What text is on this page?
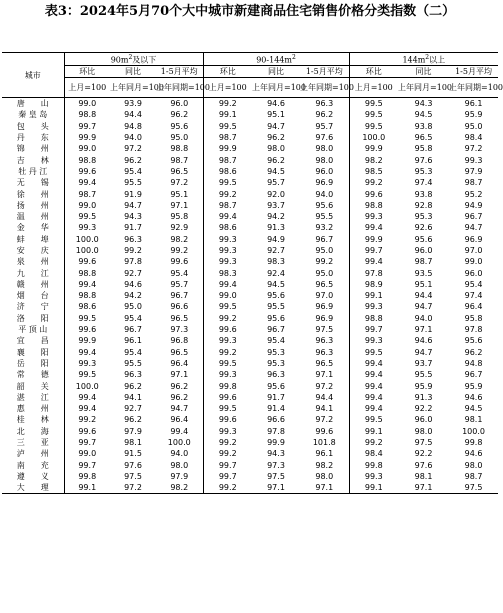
表3：2024年5月70个大中城市新建商品住宅销售价格分类指数（二）
城市	$90m^2$及以下			$90-144m^2$			$144m^2$以上		
	环比	同比	1-5月平均	环比	同比	1-5月平均	环比	同比	1-5月平均
	上月=100	上年同月=100	上年同期=100	上月=100	上年同月=100	上年同期=100	上月=100	上年同月=100	上年同期=100
唐　　山	99.0	93.9	96.0	99.2	94.6	96.3	99.5	94.3	96.1
秦 皇 岛	98.8	94.4	96.2	99.1	95.1	96.2	99.5	94.5	95.9
包　　头	99.7	94.8	95.6	99.5	94.7	95.7	99.5	93.8	95.0
丹　　东	99.9	94.0	95.0	98.7	96.2	97.6	100.0	96.5	98.4
锦　　州	99.0	97.2	98.8	99.9	98.0	98.0	99.9	95.8	97.2
吉　　林	98.8	96.2	98.7	98.7	96.2	98.0	98.2	97.6	99.3
牡 丹 江	99.6	95.4	96.5	98.6	94.5	96.0	98.5	95.3	97.9
无　　锡	99.4	95.5	97.2	99.5	95.7	96.9	99.2	97.4	98.7
徐　　州	98.7	91.9	95.1	99.2	92.0	94.0	99.6	93.8	95.2
扬　　州	99.0	94.7	97.1	98.7	93.7	95.6	98.8	92.8	94.9
温　　州	99.5	94.3	95.8	99.4	94.2	95.5	99.3	95.3	96.7
金　　华	99.3	91.7	92.9	98.6	91.3	93.2	99.4	92.6	94.7
蚌　　埠	100.0	96.3	98.2	99.3	94.9	96.7	99.9	95.6	96.9
安　　庆	100.0	99.2	99.2	99.3	92.7	95.0	99.7	96.0	97.0
泉　　州	99.6	97.8	99.6	99.3	98.3	99.2	99.4	98.7	99.0
九　　江	98.8	92.7	95.4	98.3	92.4	95.0	97.8	93.5	96.0
赣　　州	99.4	94.6	95.7	99.4	94.5	96.5	98.9	95.1	95.4
烟　　台	98.8	94.2	96.7	99.0	95.6	97.0	99.1	94.4	97.4
济　　宁	98.6	95.0	96.6	99.5	95.5	96.9	99.3	94.7	96.4
洛　　阳	99.5	95.4	96.5	99.2	95.6	96.9	98.8	94.0	95.8
平 顶 山	99.6	96.7	97.3	99.6	96.7	97.5	99.7	97.1	97.8
宜　　昌	99.9	96.1	96.8	99.3	95.4	96.3	99.3	94.6	95.6
襄　　阳	99.4	95.4	96.5	99.2	95.3	96.3	99.5	94.7	96.2
岳　　阳	99.3	95.5	96.4	99.5	95.3	96.5	99.4	93.7	94.8
常　　德	99.5	96.3	97.1	99.3	96.3	97.1	99.4	95.5	96.7
韶　　关	100.0	96.2	96.2	99.8	95.6	97.2	99.4	95.9	95.9
湛　　江	99.4	94.1	96.2	99.6	91.7	94.4	99.4	91.3	94.6
惠　　州	99.4	92.7	94.7	99.5	91.4	94.1	99.4	92.2	94.5
桂　　林	99.2	96.2	96.4	99.6	96.6	97.2	99.5	96.0	98.1
北　　海	99.6	97.9	99.4	99.3	97.8	99.6	99.1	98.0	100.0
三　　亚	99.7	98.1	100.0	99.2	99.9	101.8	99.2	97.5	99.8
泸　　州	99.0	91.5	94.0	99.2	94.3	96.1	98.4	92.2	94.6
南　　充	99.7	97.6	98.0	99.7	97.3	98.2	99.8	97.6	98.0
遵　　义	99.8	97.5	97.9	99.7	97.5	98.0	99.3	98.1	98.7
大　　理	99.1	97.2	98.2	99.2	97.1	97.1	99.1	97.1	97.5
